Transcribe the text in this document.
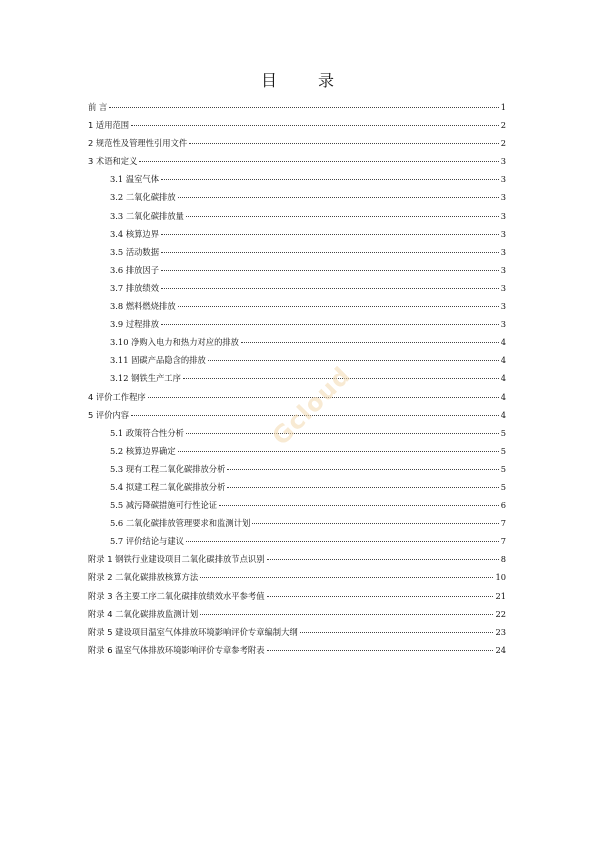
目 录
前 言	1
1 适用范围	2
2 规范性及管理性引用文件	2
3 术语和定义	3
3.1 温室气体	3
3.2 二氧化碳排放	3
3.3 二氧化碳排放量	3
3.4 核算边界	3
3.5 活动数据	3
3.6 排放因子	3
3.7 排放绩效	3
3.8 燃料燃烧排放	3
3.9 过程排放	3
3.10 净购入电力和热力对应的排放	4
3.11 固碳产品隐含的排放	4
3.12 钢铁生产工序	4
4 评价工作程序	4
5 评价内容	4
5.1 政策符合性分析	5
5.2 核算边界确定	5
5.3 现有工程二氧化碳排放分析	5
5.4 拟建工程二氧化碳排放分析	5
5.5 减污降碳措施可行性论证	6
5.6 二氧化碳排放管理要求和监测计划	7
5.7 评价结论与建议	7
附录 1 钢铁行业建设项目二氧化碳排放节点识别	8
附录 2 二氧化碳排放核算方法	10
附录 3 各主要工序二氧化碳排放绩效水平参考值	21
附录 4 二氧化碳排放监测计划	22
附录 5 建设项目温室气体排放环境影响评价专章编制大纲	23
附录 6 温室气体排放环境影响评价专章参考附表	24
Gcloud
